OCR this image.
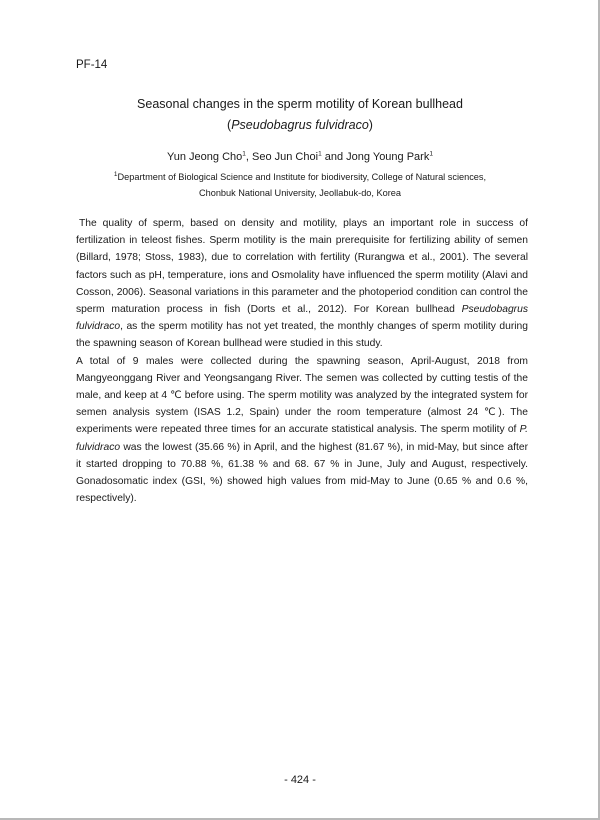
PF-14
Seasonal changes in the sperm motility of Korean bullhead
(Pseudobagrus fulvidraco)
Yun Jeong Cho$^1$, Seo Jun Choi$^1$ and Jong Young Park$^1$
$^1$Department of Biological Science and Institute for biodiversity, College of Natural sciences,
Chonbuk National University, Jeollabuk-do, Korea

The quality of sperm, based on density and motility, plays an important role in success of fertilization in teleost fishes. Sperm motility is the main prerequisite for fertilizing ability of semen (Billard, 1978; Stoss, 1983), due to correlation with fertility (Rurangwa et al., 2001). The several factors such as pH, temperature, ions and Osmolality have influenced the sperm motility (Alavi and Cosson, 2006). Seasonal variations in this parameter and the photoperiod condition can control the sperm maturation process in fish (Dorts et al., 2012). For Korean bullhead Pseudobagrus fulvidraco, as the sperm motility has not yet treated, the monthly changes of sperm motility during the spawning season of Korean bullhead were studied in this study.

A total of 9 males were collected during the spawning season, April-August, 2018 from Mangyeonggang River and Yeongsangang River. The semen was collected by cutting testis of the male, and keep at 4 ℃ before using. The sperm motility was analyzed by the integrated system for semen analysis system (ISAS 1.2, Spain) under the room temperature (almost 24 ℃). The experiments were repeated three times for an accurate statistical analysis. The sperm motility of P. fulvidraco was the lowest (35.66 %) in April, and the highest (81.67 %), in mid-May, but since after it started dropping to 70.88 %, 61.38 % and 68. 67 % in June, July and August, respectively. Gonadosomatic index (GSI, %) showed high values from mid-May to June (0.65 % and 0.6 %, respectively).

- 424 -
